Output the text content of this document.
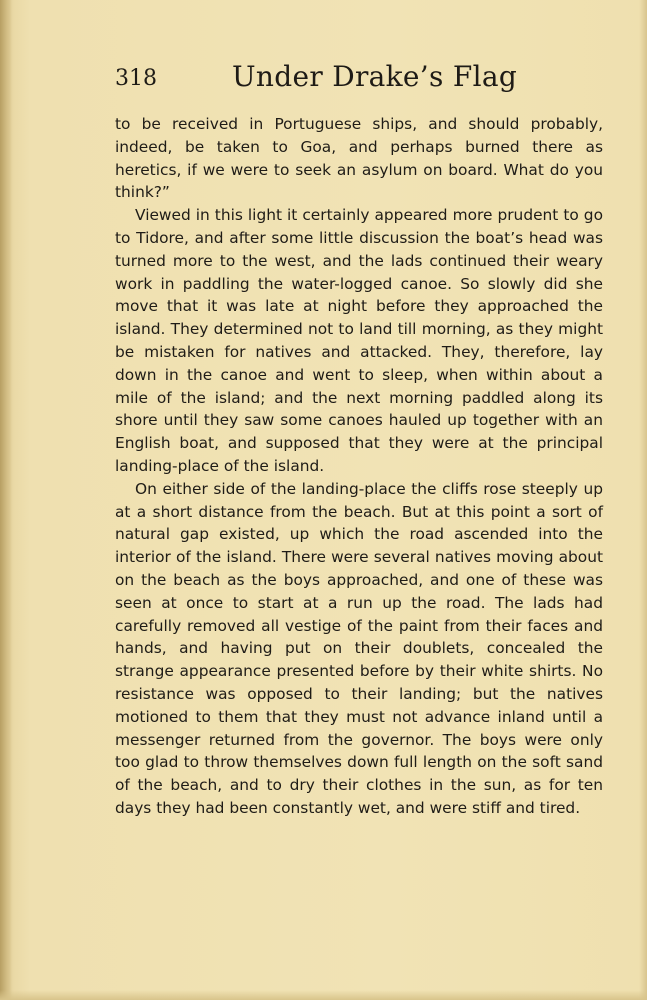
318	Under Drake’s Flag

to be received in Portuguese ships, and should probably, indeed, be taken to Goa, and perhaps burned there as heretics, if we were to seek an asylum on board. What do you think?”

Viewed in this light it certainly appeared more prudent to go to Tidore, and after some little discussion the boat’s head was turned more to the west, and the lads continued their weary work in paddling the water-logged canoe. So slowly did she move that it was late at night before they approached the island. They determined not to land till morning, as they might be mistaken for natives and attacked. They, therefore, lay down in the canoe and went to sleep, when within about a mile of the island; and the next morning paddled along its shore until they saw some canoes hauled up together with an English boat, and supposed that they were at the principal landing-place of the island.

On either side of the landing-place the cliffs rose steeply up at a short distance from the beach. But at this point a sort of natural gap existed, up which the road ascended into the interior of the island. There were several natives moving about on the beach as the boys approached, and one of these was seen at once to start at a run up the road. The lads had carefully removed all vestige of the paint from their faces and hands, and having put on their doublets, concealed the strange appearance presented before by their white shirts. No resistance was opposed to their landing; but the natives motioned to them that they must not advance inland until a messenger returned from the governor. The boys were only too glad to throw themselves down full length on the soft sand of the beach, and to dry their clothes in the sun, as for ten days they had been constantly wet, and were stiff and tired.
